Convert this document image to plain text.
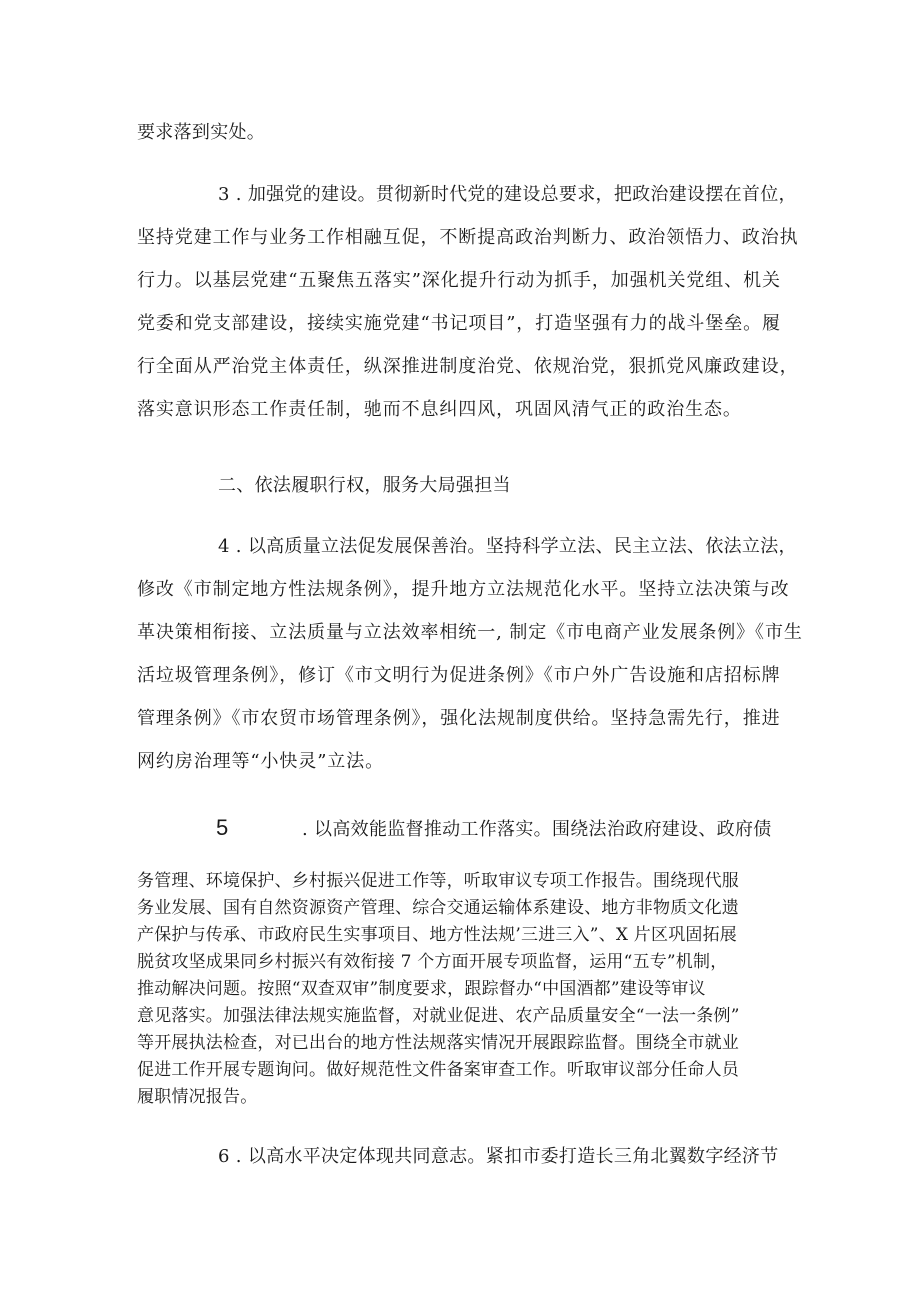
要求落到实处。
3 . 加强党的建设。贯彻新时代党的建设总要求，把政治建设摆在首位，
坚持党建工作与业务工作相融互促，不断提高政治判断力、政治领悟力、政治执
行力。以基层党建“五聚焦五落实”深化提升行动为抓手，加强机关党组、机关
党委和党支部建设，接续实施党建“书记项目”，打造坚强有力的战斗堡垒。履
行全面从严治党主体责任，纵深推进制度治党、依规治党，狠抓党风廉政建设，
落实意识形态工作责任制，驰而不息纠四风，巩固风清气正的政治生态。
二、依法履职行权，服务大局强担当
4 . 以高质量立法促发展保善治。坚持科学立法、民主立法、依法立法，
修改《市制定地方性法规条例》，提升地方立法规范化水平。坚持立法决策与改
革决策相衔接、立法质量与立法效率相统一, 制定《市电商产业发展条例》《市生
活垃圾管理条例》，修订《市文明行为促进条例》《市户外广告设施和店招标牌
管理条例》《市农贸市场管理条例》，强化法规制度供给。坚持急需先行，推进
网约房治理等“小快灵”立法。
5	. 以高效能监督推动工作落实。围绕法治政府建设、政府债
务管理、环境保护、乡村振兴促进工作等，听取审议专项工作报告。围绕现代服
务业发展、国有自然资源资产管理、综合交通运输体系建设、地方非物质文化遗
产保护与传承、市政府民生实事项目、地方性法规’三进三入”、X 片区巩固拓展
脱贫攻坚成果同乡村振兴有效衔接 7 个方面开展专项监督，运用“五专”机制，
推动解决问题。按照“双查双审”制度要求，跟踪督办“中国酒都”建设等审议
意见落实。加强法律法规实施监督，对就业促进、农产品质量安全“一法一条例”
等开展执法检查，对已出台的地方性法规落实情况开展跟踪监督。围绕全市就业
促进工作开展专题询问。做好规范性文件备案审查工作。听取审议部分任命人员
履职情况报告。
6 . 以高水平决定体现共同意志。紧扣市委打造长三角北翼数字经济节
